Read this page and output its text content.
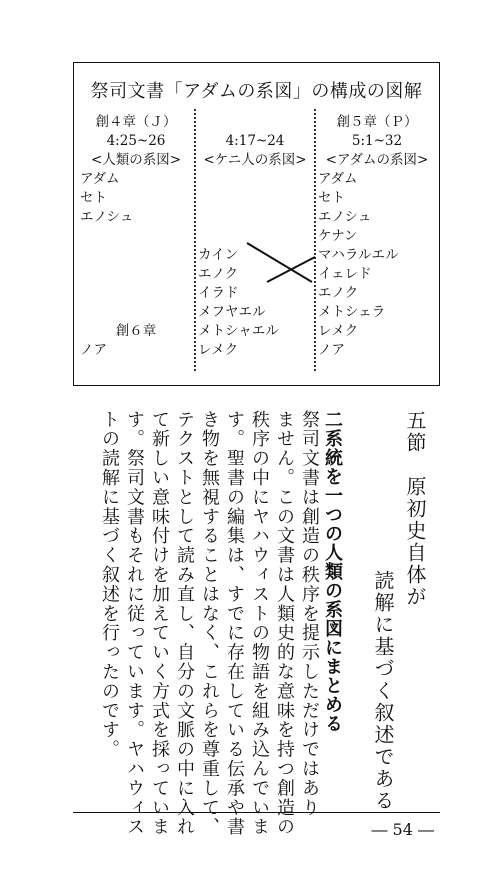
祭司文書「アダムの系図」の構成の図解
創４章（Ｊ）
4:25~26
<人類の系図>
アダム
セト
エノシュ
創６章
ノア
4:17~24
<ケニ人の系図>
カイン
エノク
イラド
メフヤエル
メトシャエル
レメク
創５章（Ｐ）
5:1~32
<アダムの系図>
アダム
セト
エノシュ
ケナン
マハラルエル
イェレド
エノク
メトシェラ
レメク
ノア
五節　原初史自体が
読解に基づく叙述である
二系統を一つの人類の系図にまとめる
祭司文書は創造の秩序を提示しただけではあり
ません。この文書は人類史的な意味を持つ創造の
秩序の中にヤハウィストの物語を組み込んでいま
す。聖書の編集は、すでに存在している伝承や書
き物を無視することはなく、これらを尊重して、
テクストとして読み直し、自分の文脈の中に入れ
て新しい意味付けを加えていく方式を採っていま
す。祭司文書もそれに従っています。ヤハウィス
トの読解に基づく叙述を行ったのです。
― 54 ―
